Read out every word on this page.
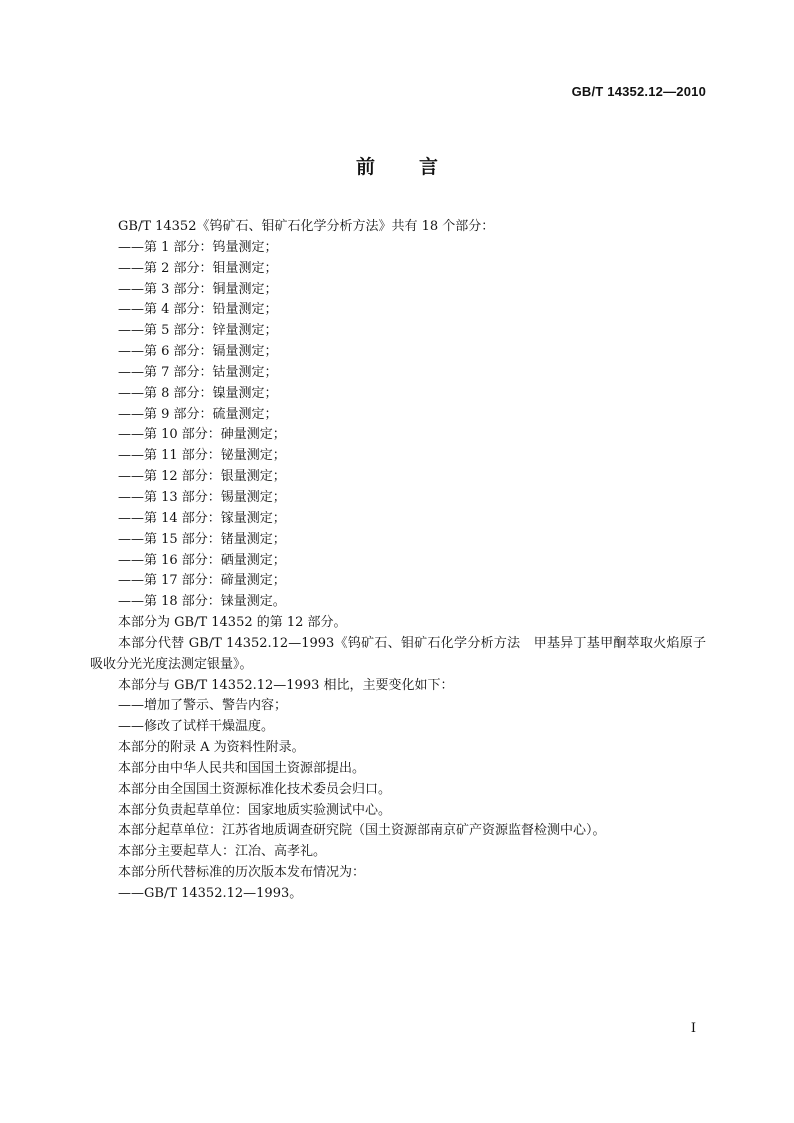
GB/T 14352.12—2010
前言

GB/T 14352《钨矿石、钼矿石化学分析方法》共有 18 个部分：

——第 1 部分：钨量测定；

——第 2 部分：钼量测定；

——第 3 部分：铜量测定；

——第 4 部分：铅量测定；

——第 5 部分：锌量测定；

——第 6 部分：镉量测定；

——第 7 部分：钴量测定；

——第 8 部分：镍量测定；

——第 9 部分：硫量测定；

——第 10 部分：砷量测定；

——第 11 部分：铋量测定；

——第 12 部分：银量测定；

——第 13 部分：锡量测定；

——第 14 部分：镓量测定；

——第 15 部分：锗量测定；

——第 16 部分：硒量测定；

——第 17 部分：碲量测定；

——第 18 部分：铼量测定。

本部分为 GB/T 14352 的第 12 部分。

本部分代替 GB/T 14352.12—1993《钨矿石、钼矿石化学分析方法　甲基异丁基甲酮萃取火焰原子吸收分光光度法测定银量》。

本部分与 GB/T 14352.12—1993 相比，主要变化如下：

——增加了警示、警告内容；

——修改了试样干燥温度。

本部分的附录 A 为资料性附录。

本部分由中华人民共和国国土资源部提出。

本部分由全国国土资源标准化技术委员会归口。

本部分负责起草单位：国家地质实验测试中心。

本部分起草单位：江苏省地质调查研究院（国土资源部南京矿产资源监督检测中心）。

本部分主要起草人：江冶、高孝礼。

本部分所代替标准的历次版本发布情况为：

——GB/T 14352.12—1993。

Ⅰ
